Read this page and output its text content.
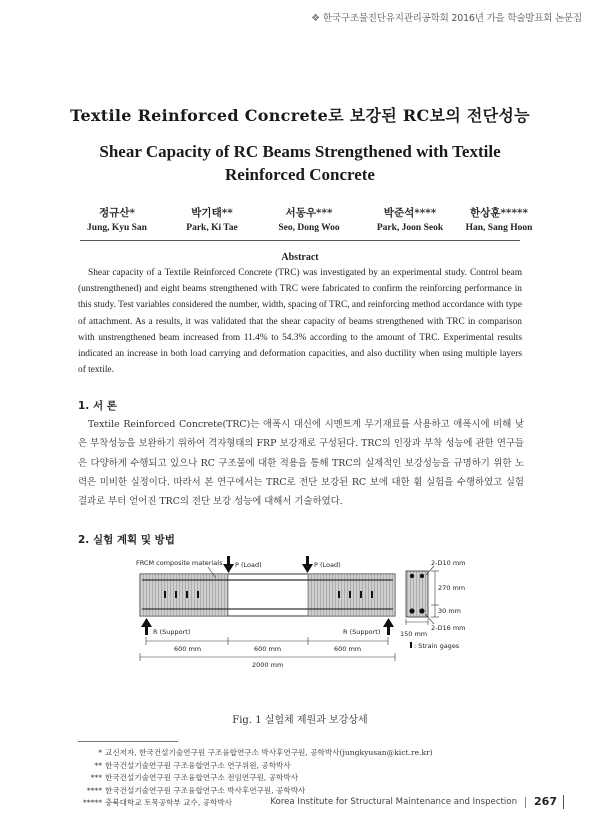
❖ 한국구조물진단유지관리공학회 2016년 가을 학술발표회 논문집
Textile Reinforced Concrete로 보강된 RC보의 전단성능
Shear Capacity of RC Beams Strengthened with Textile
Reinforced Concrete
정규산*
Jung, Kyu San
박기태**
Park, Ki Tae
서동우***
Seo, Dong Woo
박준석****
Park, Joon Seok
한상훈*****
Han, Sang Hoon
Abstract
Shear capacity of a Textile Reinforced Concrete (TRC) was investigated by an experimental study. Control beam (unstrengthened) and eight beams strengthened with TRC were fabricated to confirm the reinforcing performance in this study. Test variables considered the number, width, spacing of TRC, and reinforcing method accordance with type of attachment. As a results, it was validated that the shear capacity of beams strengthened with TRC in comparison with unstrengthened beam increased from 11.4% to 54.3% according to the amount of TRC. Experimental results indicated an increase in both load carrying and deformation capacities, and also ductility when using multiple layers of textile.
1. 서 론
Textile Reinforced Concrete(TRC)는 애폭시 대신에 시멘트계 무기재료를 사용하고 애폭시에 비해 낮은 부착성능을 보완하기 위하여 격자형태의 FRP 보강재로 구성된다. TRC의 인장과 부착 성능에 관한 연구들은 다양하게 수행되고 있으나 RC 구조물에 대한 적용을 통해 TRC의 실제적인 보강성능을 규명하기 위한 노력은 미비한 실정이다. 따라서 본 연구에서는 TRC로 전단 보강된 RC 보에 대한 휨 실험을 수행하였고 실험 결과로 부터 얻어진 TRC의 전단 보강 성능에 대해서 기술하였다.
2. 실험 계획 및 방법
FRCM composite materials P (Load)	P (Load)
R (Support)	R (Support)
600 mm	600 mm	600 mm
2000 mm
2-D10 mm
270 mm
30 mm
150 mm
2-D16 mm
: Strain gages
Fig. 1 실험체 제원과 보강상세
* 교신저자, 한국건설기술연구원 구조융합연구소 박사후연구원, 공학박사(jungkyusan@kict.re.kr)
** 한국건설기술연구원 구조융합연구소 연구위원, 공학박사
*** 한국건설기술연구원 구조융합연구소 전임연구원, 공학박사
**** 한국건설기술연구원 구조융합연구소 박사후연구원, 공학박사
***** 충북대학교 토목공학부 교수, 공학박사	Korea Institute for Structural Maintenance and Inspection 267
